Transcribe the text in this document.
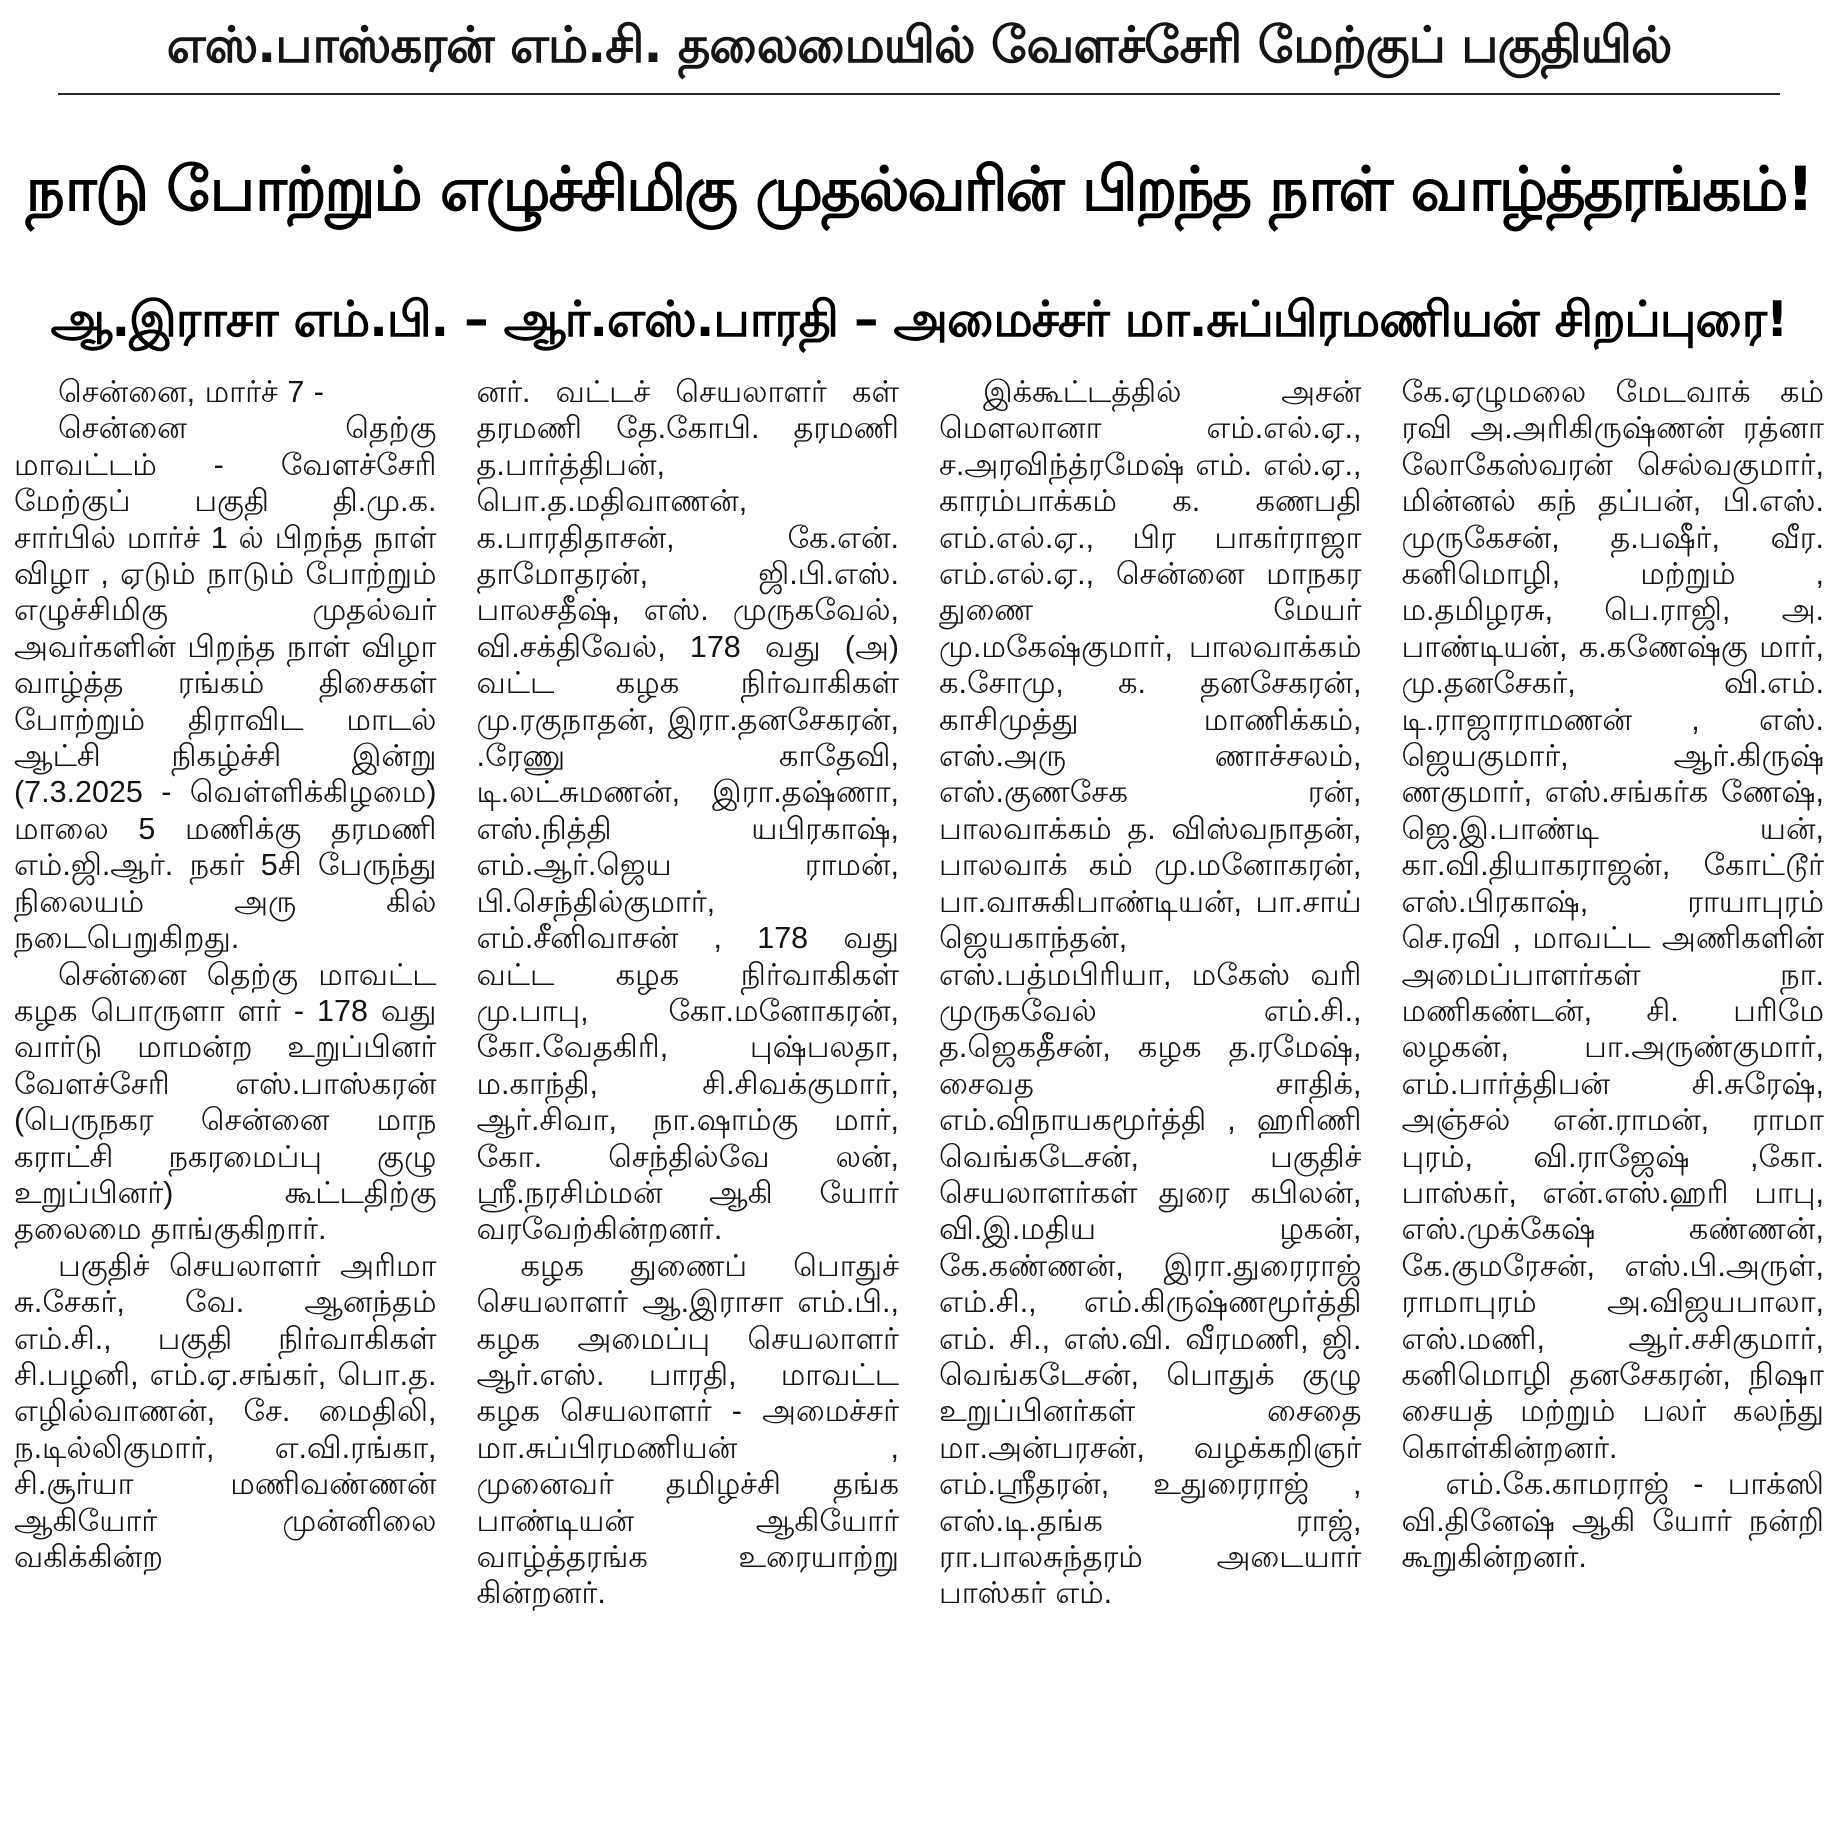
எஸ்.பாஸ்கரன் எம்.சி. தலைமையில் வேளச்சேரி மேற்குப் பகுதியில்
நாடு போற்றும் எழுச்சிமிகு முதல்வரின் பிறந்த நாள் வாழ்த்தரங்கம்!
ஆ.இராசா எம்.பி. – ஆர்.எஸ்.பாரதி – அமைச்சர் மா.சுப்பிரமணியன் சிறப்புரை!

சென்னை, மார்ச் 7 -

சென்னை தெற்கு மாவட்டம் - வேளச்சேரி மேற்குப் பகுதி தி.மு.க. சார்பில் மார்ச் 1 ல் பிறந்த நாள் விழா , ஏடும் நாடும் போற்றும் எழுச்சிமிகு முதல்வர் அவர்களின் பிறந்த நாள் விழா வாழ்த்த ரங்கம் திசைகள் போற்றும் திராவிட மாடல் ஆட்சி நிகழ்ச்சி இன்று (7.3.2025 - வெள்ளிக்கிழமை) மாலை 5 மணிக்கு தரமணி எம்.ஜி.ஆர். நகர் 5சி பேருந்து நிலையம் அரு கில் நடைபெறுகிறது.

சென்னை தெற்கு மாவட்ட கழக பொருளா ளர் - 178 வது வார்டு மாமன்ற உறுப்பினர் வேளச்சேரி எஸ்.பாஸ்கரன் (பெருநகர சென்னை மாந கராட்சி நகரமைப்பு குழு உறுப்பினர்) கூட்டதிற்கு தலைமை தாங்குகிறார்.

பகுதிச் செயலாளர் அரிமா சு.சேகர், வே. ஆனந்தம் எம்.சி., பகுதி நிர்வாகிகள் சி.பழனி, எம்.ஏ.சங்கர், பொ.த. எழில்வாணன், சே. மைதிலி, ந.டில்லிகுமார், எ.வி.ரங்கா, சி.சூர்யா மணிவண்ணன் ஆகியோர் முன்னிலை வகிக்கின்ற

னர். வட்டச் செயலாளர் கள் தரமணி தே.கோபி. தரமணி த.பார்த்திபன், பொ.த.மதிவாணன், க.பாரதிதாசன், கே.என். தாமோதரன், ஜி.பி.எஸ். பாலசதீஷ், எஸ். முருகவேல், வி.சக்திவேல், 178 வது (அ) வட்ட கழக நிர்வாகிகள் மு.ரகுநாதன், இரா.தனசேகரன், .ரேணு காதேவி, டி.லட்சுமணன், இரா.தஷ்ணா, எஸ்.நித்தி யபிரகாஷ், எம்.ஆர்.ஜெய ராமன், பி.செந்தில்குமார், எம்.சீனிவாசன் , 178 வது வட்ட கழக நிர்வாகிகள் மு.பாபு, கோ.மனோகரன், கோ.வேதகிரி, புஷ்பலதா, ம.காந்தி, சி.சிவக்குமார், ஆர்.சிவா, நா.ஷாம்கு மார், கோ. செந்தில்வே லன், ஸ்ரீ.நரசிம்மன் ஆகி யோர் வரவேற்கின்றனர்.

கழக துணைப் பொதுச் செயலாளர் ஆ.இராசா எம்.பி., கழக அமைப்பு செயலாளர் ஆர்.எஸ். பாரதி, மாவட்ட கழக செயலாளர் - அமைச்சர் மா.சுப்பிரமணியன் , முனைவர் தமிழச்சி தங்க பாண்டியன் ஆகியோர் வாழ்த்தரங்க உரையாற்று கின்றனர்.

இக்கூட்டத்தில் அசன் மௌலானா எம்.எல்.ஏ., ச.அரவிந்த்ரமேஷ் எம். எல்.ஏ., காரம்பாக்கம் க. கணபதி எம்.எல்.ஏ., பிர பாகர்ராஜா எம்.எல்.ஏ., சென்னை மாநகர துணை மேயர் மு.மகேஷ்குமார், பாலவாக்கம் க.சோமு, க. தனசேகரன், காசிமுத்து மாணிக்கம், எஸ்.அரு ணாச்சலம், எஸ்.குணசேக ரன், பாலவாக்கம் த. விஸ்வநாதன், பாலவாக் கம் மு.மனோகரன், பா.வாசுகிபாண்டியன், பா.சாய் ஜெயகாந்தன், எஸ்.பத்மபிரியா, மகேஸ் வரி முருகவேல் எம்.சி., த.ஜெகதீசன், கழக த.ரமேஷ், சைவத சாதிக், எம்.விநாயகமூர்த்தி , ஹரிணி வெங்கடேசன், பகுதிச் செயலாளர்கள் துரை கபிலன், வி.இ.மதிய ழகன், கே.கண்ணன், இரா.துரைராஜ் எம்.சி., எம்.கிருஷ்ணமூர்த்தி எம். சி., எஸ்.வி. வீரமணி, ஜி. வெங்கடேசன், பொதுக் குழு உறுப்பினர்கள் சைதை மா.அன்பரசன், வழக்கறிஞர் எம்.ஸ்ரீதரன், உதுரைராஜ் , எஸ்.டி.தங்க ராஜ், ரா.பாலசுந்தரம் அடையார் பாஸ்கர் எம்.

கே.ஏழுமலை மேடவாக் கம் ரவி அ.அரிகிருஷ்ணன் ரத்னா லோகேஸ்வரன் செல்வகுமார், மின்னல் கந் தப்பன், பி.எஸ். முருகேசன், த.பஷீர், வீர. கனிமொழி, மற்றும் , ம.தமிழரசு, பெ.ராஜி, அ. பாண்டியன், க.கணேஷ்கு மார், மு.தனசேகர், வி.எம். டி.ராஜாராமணன் , எஸ். ஜெயகுமார், ஆர்.கிருஷ் ணகுமார், எஸ்.சங்கர்க ணேஷ், ஜெ.இ.பாண்டி யன், கா.வி.தியாகராஜன், கோட்டூர் எஸ்.பிரகாஷ், ராயாபுரம் செ.ரவி , மாவட்ட அணிகளின் அமைப்பாளர்கள் நா. மணிகண்டன், சி. பரிமே லழகன், பா.அருண்குமார், எம்.பார்த்திபன் சி.சுரேஷ், அஞ்சல் என்.ராமன், ராமா புரம், வி.ராஜேஷ் ,கோ. பாஸ்கர், என்.எஸ்.ஹரி பாபு, எஸ்.முக்கேஷ் கண்ணன், கே.குமரேசன், எஸ்.பி.அருள், ராமாபுரம் அ.விஜயபாலா, எஸ்.மணி, ஆர்.சசிகுமார், கனிமொழி தனசேகரன், நிஷா சையத் மற்றும் பலர் கலந்து கொள்கின்றனர்.

எம்.கே.காமராஜ் - பாக்ஸி வி.தினேஷ் ஆகி யோர் நன்றி கூறுகின்றனர்.
